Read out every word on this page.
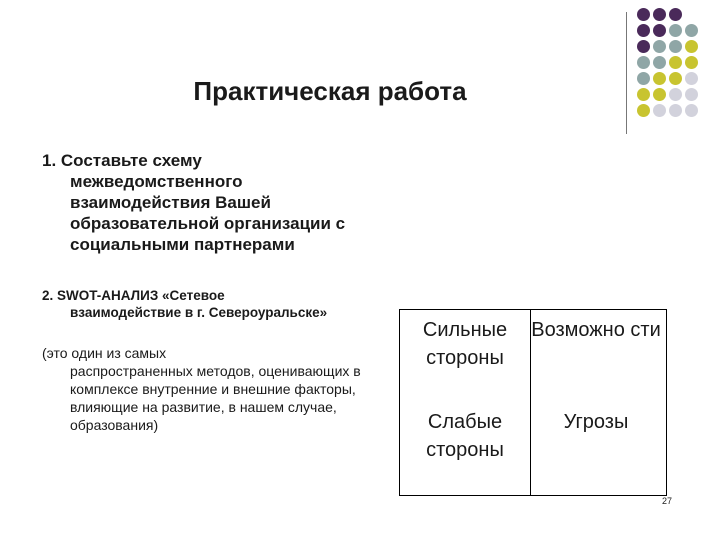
Практическая работа
1. Составьте схему
межведомственного взаимодействия Вашей образовательной организации с социальными партнерами
2. SWOT-АНАЛИЗ «Сетевое
взаимодействие в г. Североуральске»
(это один из самых
распространенных методов, оценивающих в комплексе внутренние и внешние факторы, влияющие на развитие, в нашем случае, образования)
Сильные стороны
Возможно сти
Слабые стороны
Угрозы
27
